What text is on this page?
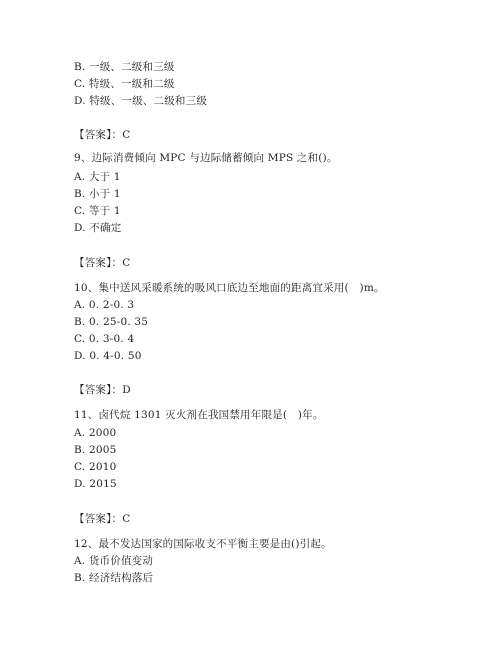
B. 一级、二级和三级
C. 特级、一级和二级
D. 特级、一级、二级和三级
【答案】：C
9、边际消费倾向 MPC 与边际储蓄倾向 MPS 之和()。
A. 大于 1
B. 小于 1
C. 等于 1
D. 不确定
【答案】：C
10、集中送风采暖系统的吸风口底边至地面的距离宜采用(　)m。
A. 0. 2-0. 3
B. 0. 25-0. 35
C. 0. 3-0. 4
D. 0. 4-0. 50
【答案】：D
11、卤代烷 1301 灭火剂在我国禁用年限是(　)年。
A. 2000
B. 2005
C. 2010
D. 2015
【答案】：C
12、最不发达国家的国际收支不平衡主要是由()引起。
A. 货币价值变动
B. 经济结构落后
